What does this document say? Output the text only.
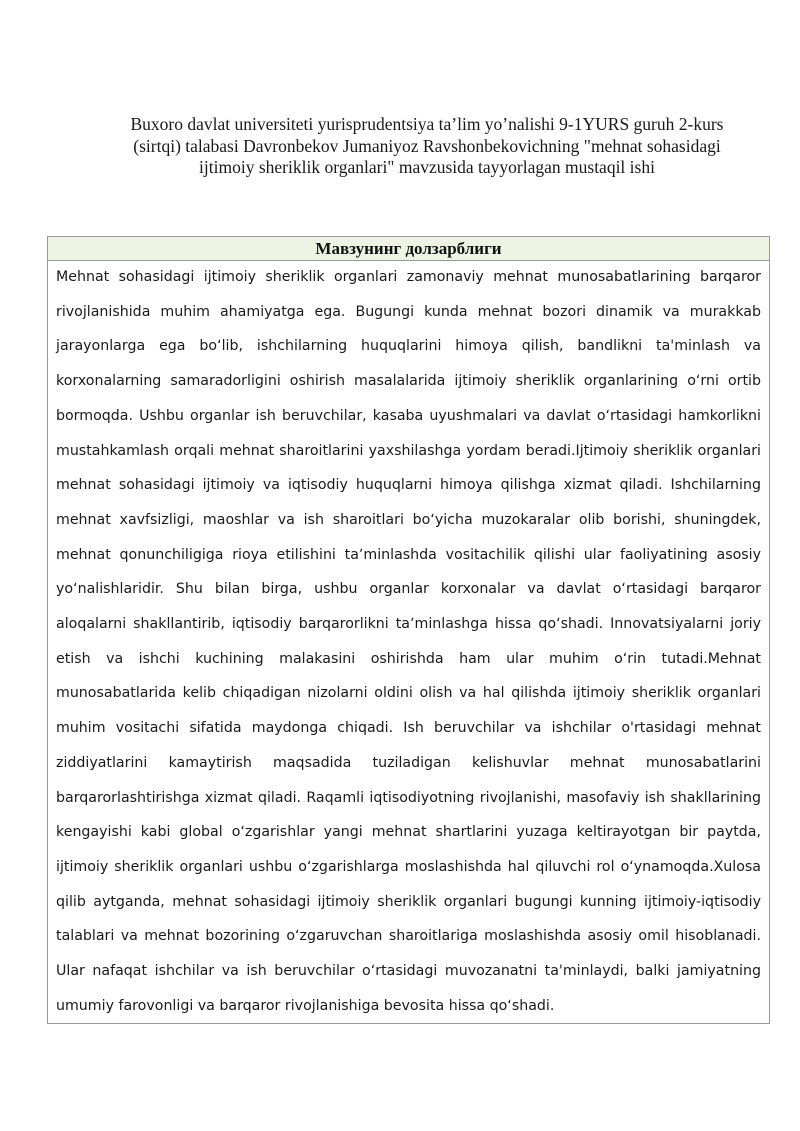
Buxoro davlat universiteti yurisprudentsiya ta’lim yo’nalishi 9-1YURS guruh 2-kurs (sirtqi) talabasi Davronbekov Jumaniyoz Ravshonbekovichning "mehnat sohasidagi ijtimoiy sheriklik organlari" mavzusida tayyorlagan mustaqil ishi
Мавзунинг долзарблиги
Mehnat sohasidagi ijtimoiy sheriklik organlari zamonaviy mehnat munosabatlarining barqaror rivojlanishida muhim ahamiyatga ega. Bugungi kunda mehnat bozori dinamik va murakkab jarayonlarga ega boʻlib, ishchilarning huquqlarini himoya qilish, bandlikni ta'minlash va korxonalarning samaradorligini oshirish masalalarida ijtimoiy sheriklik organlarining oʻrni ortib bormoqda. Ushbu organlar ish beruvchilar, kasaba uyushmalari va davlat oʻrtasidagi hamkorlikni mustahkamlash orqali mehnat sharoitlarini yaxshilashga yordam beradi.Ijtimoiy sheriklik organlari mehnat sohasidagi ijtimoiy va iqtisodiy huquqlarni himoya qilishga xizmat qiladi. Ishchilarning mehnat xavfsizligi, maoshlar va ish sharoitlari boʻyicha muzokaralar olib borishi, shuningdek, mehnat qonunchiligiga rioya etilishini taʼminlashda vositachilik qilishi ular faoliyatining asosiy yoʻnalishlaridir. Shu bilan birga, ushbu organlar korxonalar va davlat oʻrtasidagi barqaror aloqalarni shakllantirib, iqtisodiy barqarorlikni taʼminlashga hissa qoʻshadi. Innovatsiyalarni joriy etish va ishchi kuchining malakasini oshirishda ham ular muhim oʻrin tutadi.Mehnat munosabatlarida kelib chiqadigan nizolarni oldini olish va hal qilishda ijtimoiy sheriklik organlari muhim vositachi sifatida maydonga chiqadi. Ish beruvchilar va ishchilar o'rtasidagi mehnat ziddiyatlarini kamaytirish maqsadida tuziladigan kelishuvlar mehnat munosabatlarini barqarorlashtirishga xizmat qiladi. Raqamli iqtisodiyotning rivojlanishi, masofaviy ish shakllarining kengayishi kabi global oʻzgarishlar yangi mehnat shartlarini yuzaga keltirayotgan bir paytda, ijtimoiy sheriklik organlari ushbu oʻzgarishlarga moslashishda hal qiluvchi rol oʻynamoqda.Xulosa qilib aytganda, mehnat sohasidagi ijtimoiy sheriklik organlari bugungi kunning ijtimoiy-iqtisodiy talablari va mehnat bozorining oʻzgaruvchan sharoitlariga moslashishda asosiy omil hisoblanadi. Ular nafaqat ishchilar va ish beruvchilar oʻrtasidagi muvozanatni ta'minlaydi, balki jamiyatning umumiy farovonligi va barqaror rivojlanishiga bevosita hissa qoʻshadi.
